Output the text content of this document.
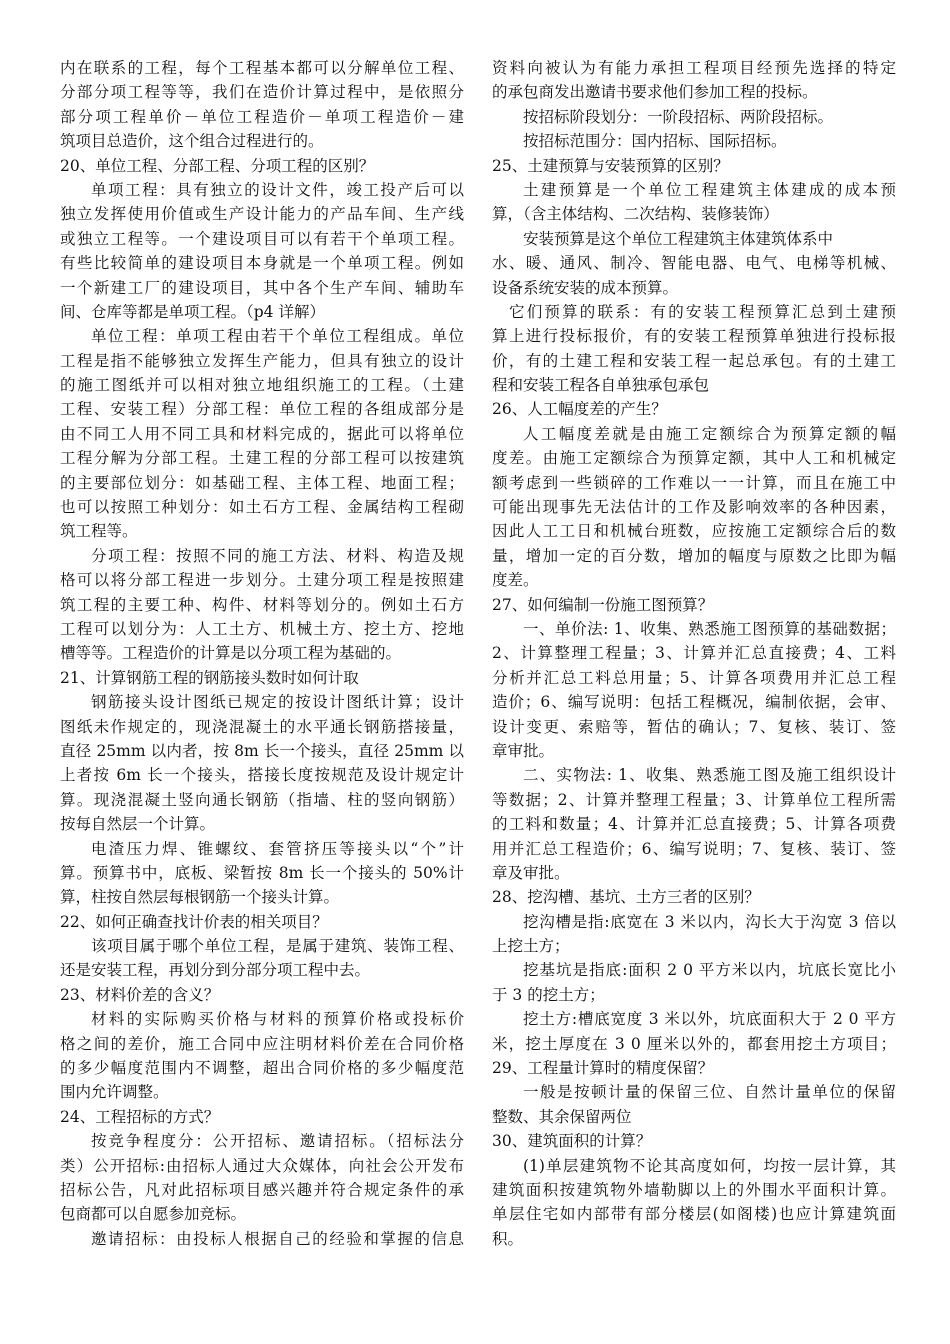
内在联系的工程，每个工程基本都可以分解单位工程、
分部分项工程等等，我们在造价计算过程中，是依照分
部分项工程单价－单位工程造价－单项工程造价－建
筑项目总造价，这个组合过程进行的。
20、单位工程、分部工程、分项工程的区别？
单项工程：具有独立的设计文件，竣工投产后可以
独立发挥使用价值或生产设计能力的产品车间、生产线
或独立工程等。一个建设项目可以有若干个单项工程。
有些比较简单的建设项目本身就是一个单项工程。例如
一个新建工厂的建设项目，其中各个生产车间、辅助车
间、仓库等都是单项工程。（p4 详解）
单位工程：单项工程由若干个单位工程组成。单位
工程是指不能够独立发挥生产能力，但具有独立的设计
的施工图纸并可以相对独立地组织施工的工程。（土建
工程、安装工程）分部工程：单位工程的各组成部分是
由不同工人用不同工具和材料完成的，据此可以将单位
工程分解为分部工程。土建工程的分部工程可以按建筑
的主要部位划分：如基础工程、主体工程、地面工程；
也可以按照工种划分：如土石方工程、金属结构工程砌
筑工程等。
分项工程：按照不同的施工方法、材料、构造及规
格可以将分部工程进一步划分。土建分项工程是按照建
筑工程的主要工种、构件、材料等划分的。例如土石方
工程可以划分为：人工土方、机械土方、挖土方、挖地
槽等等。工程造价的计算是以分项工程为基础的。
21、计算钢筋工程的钢筋接头数时如何计取
钢筋接头设计图纸已规定的按设计图纸计算；设计
图纸未作规定的，现浇混凝土的水平通长钢筋搭接量，
直径 25mm 以内者，按 8m 长一个接头，直径 25mm 以
上者按 6m 长一个接头，搭接长度按规范及设计规定计
算。现浇混凝土竖向通长钢筋（指墙、柱的竖向钢筋）
按每自然层一个计算。
电渣压力焊、锥螺纹、套管挤压等接头以“个”计
算。预算书中，底板、梁暂按 8m 长一个接头的 50%计
算，柱按自然层每根钢筋一个接头计算。
22、如何正确查找计价表的相关项目？
该项目属于哪个单位工程，是属于建筑、装饰工程、
还是安装工程，再划分到分部分项工程中去。
23、材料价差的含义？
材料的实际购买价格与材料的预算价格或投标价
格之间的差价，施工合同中应注明材料价差在合同价格
的多少幅度范围内不调整，超出合同价格的多少幅度范
围内允许调整。
24、工程招标的方式？
按竞争程度分：公开招标、邀请招标。（招标法分
类）公开招标:由招标人通过大众媒体，向社会公开发布
招标公告，凡对此招标项目感兴趣并符合规定条件的承
包商都可以自愿参加竞标。
邀请招标：由投标人根据自己的经验和掌握的信息
资料向被认为有能力承担工程项目经预先选择的特定
的承包商发出邀请书要求他们参加工程的投标。
按招标阶段划分：一阶段招标、两阶段招标。
按招标范围分：国内招标、国际招标。
25、土建预算与安装预算的区别？
土建预算是一个单位工程建筑主体建成的成本预
算，（含主体结构、二次结构、装修装饰）
安装预算是这个单位工程建筑主体建筑体系中
水、暖、通风、制冷、智能电器、电气、电梯等机械、
设备系统安装的成本预算。
它们预算的联系：有的安装工程预算汇总到土建预
算上进行投标报价，有的安装工程预算单独进行投标报
价，有的土建工程和安装工程一起总承包。有的土建工
程和安装工程各自单独承包承包
26、人工幅度差的产生？
人工幅度差就是由施工定额综合为预算定额的幅
度差。由施工定额综合为预算定额，其中人工和机械定
额考虑到一些锁碎的工作难以一一计算，而且在施工中
可能出现事先无法估计的工作及影响效率的各种因素，
因此人工工日和机械台班数，应按施工定额综合后的数
量，增加一定的百分数，增加的幅度与原数之比即为幅
度差。
27、如何编制一份施工图预算？
一、单价法: 1、收集、熟悉施工图预算的基础数据；
2、计算整理工程量；3、计算并汇总直接费；4、工料
分析并汇总工料总用量；5、计算各项费用并汇总工程
造价；6、编写说明：包括工程概况，编制依据，会审、
设计变更、索赔等，暂估的确认；7、复核、装订、签
章审批。
二、实物法: 1、收集、熟悉施工图及施工组织设计
等数据；2、计算并整理工程量；3、计算单位工程所需
的工料和数量；4、计算并汇总直接费；5、计算各项费
用并汇总工程造价；6、编写说明；7、复核、装订、签
章及审批。
28、挖沟槽、基坑、土方三者的区别？
挖沟槽是指:底宽在 3 米以内，沟长大于沟宽 3 倍以
上挖土方；
挖基坑是指底:面积 2 0 平方米以内，坑底长宽比小
于 3 的挖土方；
挖土方:槽底宽度 3 米以外，坑底面积大于 2 0 平方
米，挖土厚度在 3 0 厘米以外的，都套用挖土方项目；
29、工程量计算时的精度保留？
一般是按顿计量的保留三位、自然计量单位的保留
整数、其余保留两位
30、建筑面积的计算？
(1)单层建筑物不论其高度如何，均按一层计算，其
建筑面积按建筑物外墙勒脚以上的外围水平面积计算。
单层住宅如内部带有部分楼层(如阁楼)也应计算建筑面
积。
